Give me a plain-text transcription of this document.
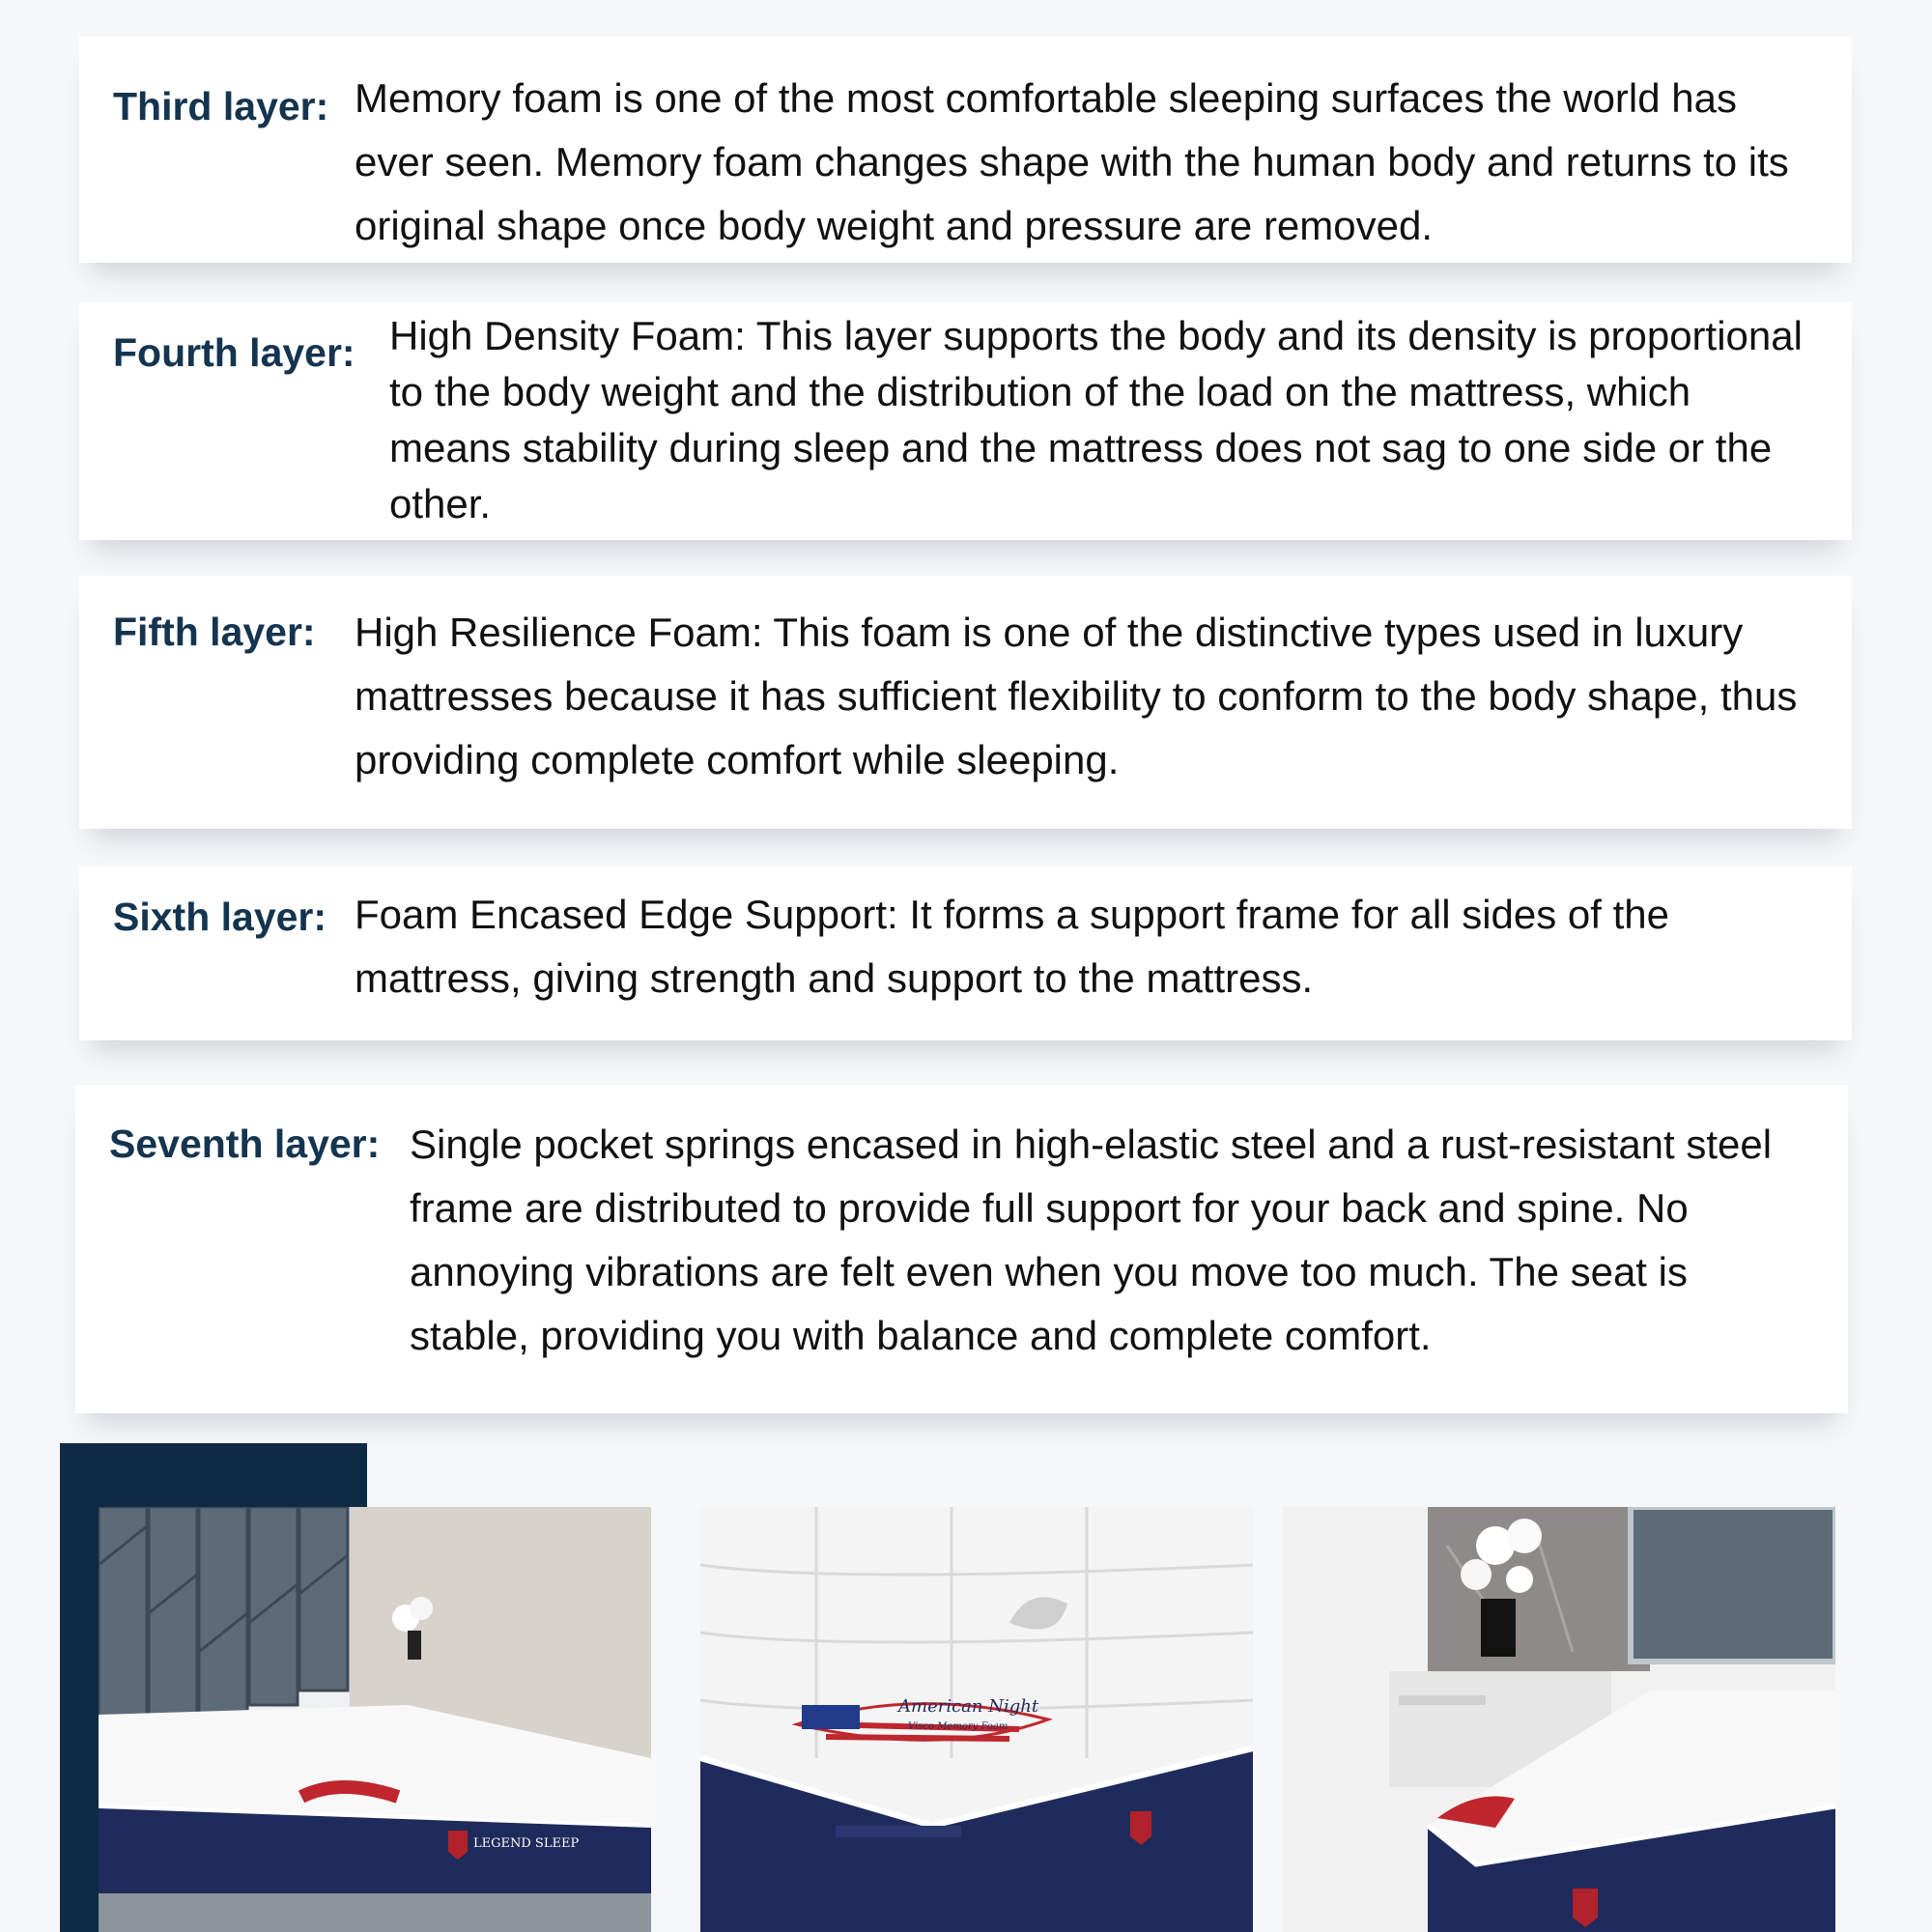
Third layer: Memory foam is one of the most comfortable sleeping surfaces the world has ever seen. Memory foam changes shape with the human body and returns to its original shape once body weight and pressure are removed.
Fourth layer: High Density Foam: This layer supports the body and its density is proportional to the body weight and the distribution of the load on the mattress, which means stability during sleep and the mattress does not sag to one side or the other.
Fifth layer: High Resilience Foam: This foam is one of the distinctive types used in luxury mattresses because it has sufficient flexibility to conform to the body shape, thus providing complete comfort while sleeping.
Sixth layer: Foam Encased Edge Support: It forms a support frame for all sides of the mattress, giving strength and support to the mattress.
Seventh layer: Single pocket springs encased in high-elastic steel and a rust-resistant steel frame are distributed to provide full support for your back and spine. No annoying vibrations are felt even when you move too much. The seat is stable, providing you with balance and complete comfort.
LEGEND SLEEP
American Night
Visco Memory Foam
